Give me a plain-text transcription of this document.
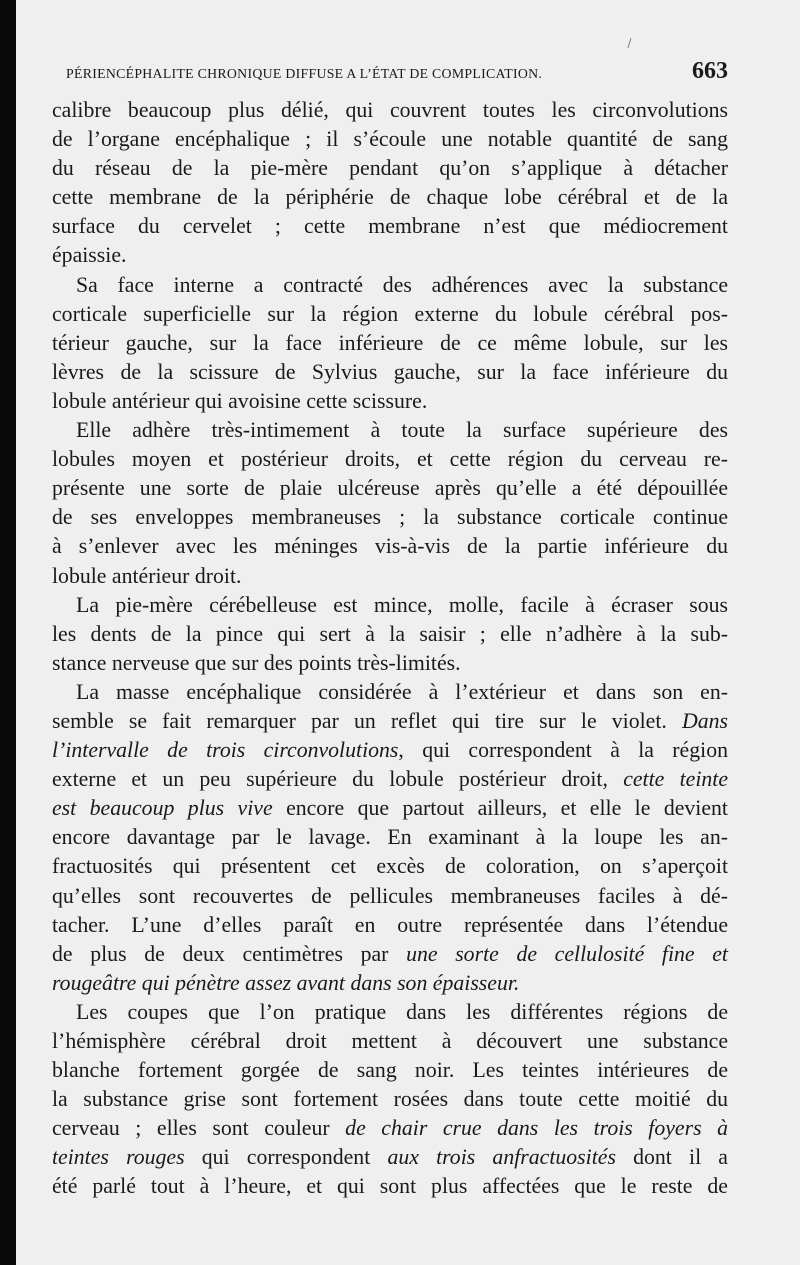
PÉRIENCÉPHALITE CHRONIQUE DIFFUSE A L’ÉTAT DE COMPLICATION.	663
calibre beaucoup plus délié, qui couvrent toutes les circonvolutions
de l’organe encéphalique ; il s’écoule une notable quantité de sang
du réseau de la pie-mère pendant qu’on s’applique à détacher
cette membrane de la périphérie de chaque lobe cérébral et de la
surface du cervelet ; cette membrane n’est que médiocrement
épaissie.
Sa face interne a contracté des adhérences avec la substance
corticale superficielle sur la région externe du lobule cérébral pos-
térieur gauche, sur la face inférieure de ce même lobule, sur les
lèvres de la scissure de Sylvius gauche, sur la face inférieure du
lobule antérieur qui avoisine cette scissure.
Elle adhère très-intimement à toute la surface supérieure des
lobules moyen et postérieur droits, et cette région du cerveau re-
présente une sorte de plaie ulcéreuse après qu’elle a été dépouillée
de ses enveloppes membraneuses ; la substance corticale continue
à s’enlever avec les méninges vis-à-vis de la partie inférieure du
lobule antérieur droit.
La pie-mère cérébelleuse est mince, molle, facile à écraser sous
les dents de la pince qui sert à la saisir ; elle n’adhère à la sub-
stance nerveuse que sur des points très-limités.
La masse encéphalique considérée à l’extérieur et dans son en-
semble se fait remarquer par un reflet qui tire sur le violet. Dans
l’intervalle de trois circonvolutions, qui correspondent à la région
externe et un peu supérieure du lobule postérieur droit, cette teinte
est beaucoup plus vive encore que partout ailleurs, et elle le devient
encore davantage par le lavage. En examinant à la loupe les an-
fractuosités qui présentent cet excès de coloration, on s’aperçoit
qu’elles sont recouvertes de pellicules membraneuses faciles à dé-
tacher. L’une d’elles paraît en outre représentée dans l’étendue
de plus de deux centimètres par une sorte de cellulosité fine et
rougeâtre qui pénètre assez avant dans son épaisseur.
Les coupes que l’on pratique dans les différentes régions de
l’hémisphère cérébral droit mettent à découvert une substance
blanche fortement gorgée de sang noir. Les teintes intérieures de
la substance grise sont fortement rosées dans toute cette moitié du
cerveau ; elles sont couleur de chair crue dans les trois foyers à
teintes rouges qui correspondent aux trois anfractuosités dont il a
été parlé tout à l’heure, et qui sont plus affectées que le reste de
